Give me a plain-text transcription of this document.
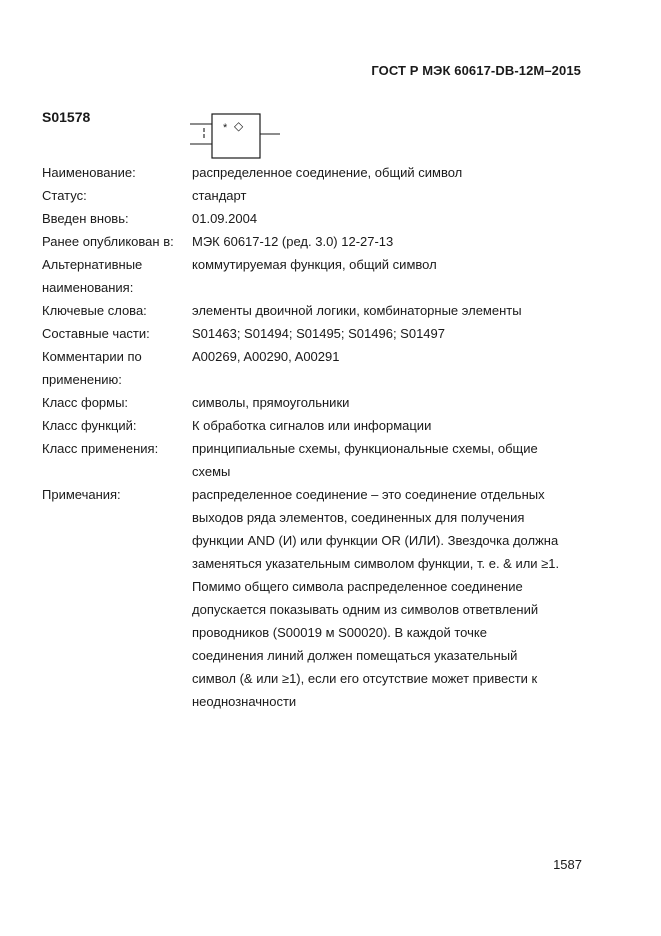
ГОСТ Р МЭК 60617-DB-12M–2015
S01578
* ◇
Наименование:	распределенное соединение, общий символ
Статус:	стандарт
Введен вновь:	01.09.2004
Ранее опубликован в:	МЭК 60617-12 (ред. 3.0) 12-27-13
Альтернативные наименования:
коммутируемая функция, общий символ
Ключевые слова:	элементы двоичной логики, комбинаторные элементы
Составные части:	S01463; S01494; S01495; S01496; S01497
Комментарии по применению:
A00269, A00290, A00291
Класс формы:	символы, прямоугольники
Класс функций:	К обработка сигналов или информации
Класс применения:	принципиальные схемы, функциональные схемы, общие схемы
Примечания:	распределенное соединение – это соединение отдельных выходов ряда элементов, соединенных для получения функции AND (И) или функции OR (ИЛИ). Звездочка должна заменяться указательным символом функции, т. е. & или ≥1. Помимо общего символа распределенное соединение допускается показывать одним из символов ответвлений проводников (S00019 м S00020). В каждой точке соединения линий должен помещаться указательный символ (& или ≥1), если его отсутствие может привести к неоднозначности
1587
